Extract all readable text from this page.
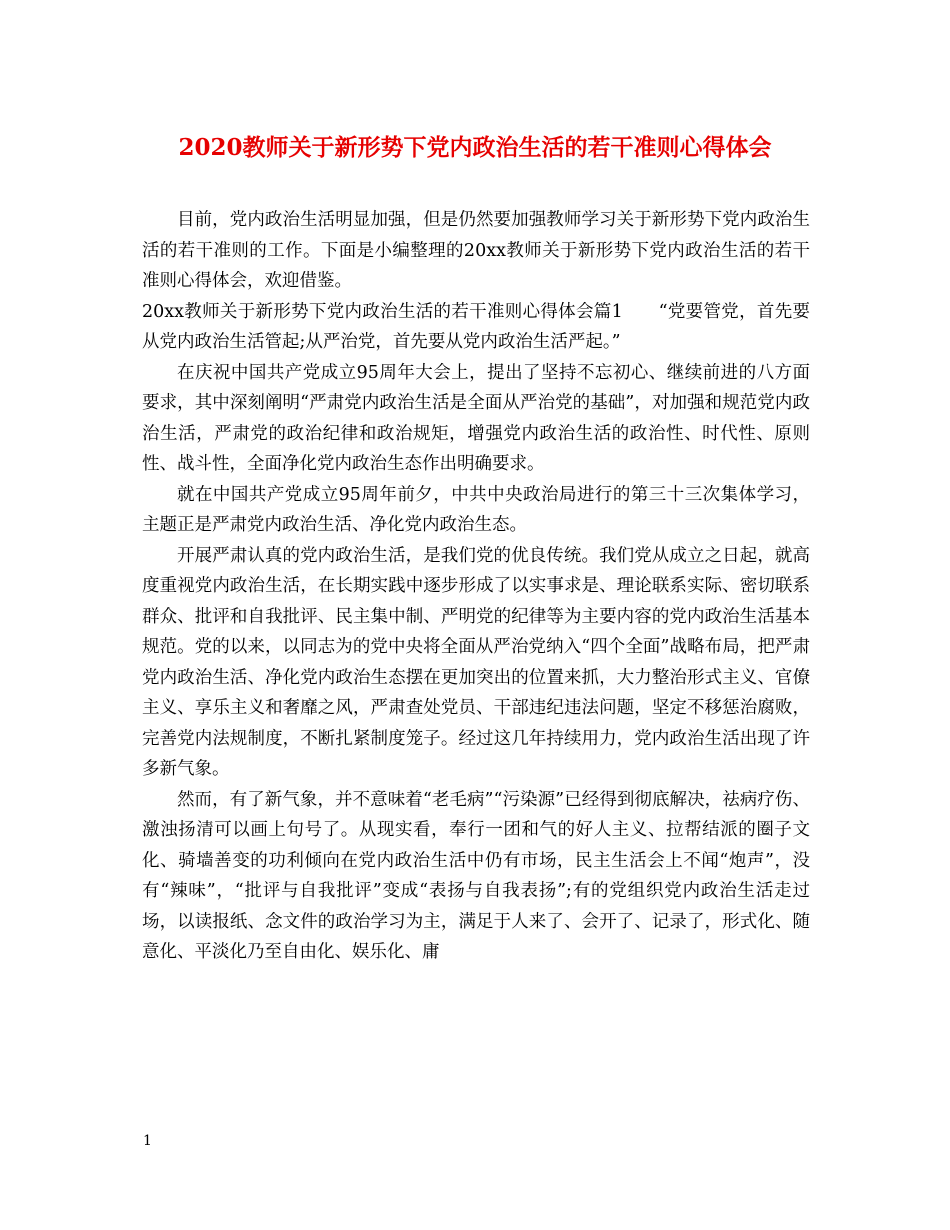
2020教师关于新形势下党内政治生活的若干准则心得体会

目前，党内政治生活明显加强，但是仍然要加强教师学习关于新形势下党内政治生活的若干准则的工作。下面是小编整理的20xx教师关于新形势下党内政治生活的若干准则心得体会，欢迎借鉴。

20xx教师关于新形势下党内政治生活的若干准则心得体会篇1　　“党要管党，首先要从党内政治生活管起;从严治党，首先要从党内政治生活严起。”

在庆祝中国共产党成立95周年大会上，提出了坚持不忘初心、继续前进的八方面要求，其中深刻阐明“严肃党内政治生活是全面从严治党的基础”，对加强和规范党内政治生活，严肃党的政治纪律和政治规矩，增强党内政治生活的政治性、时代性、原则性、战斗性，全面净化党内政治生态作出明确要求。

就在中国共产党成立95周年前夕，中共中央政治局进行的第三十三次集体学习，主题正是严肃党内政治生活、净化党内政治生态。

开展严肃认真的党内政治生活，是我们党的优良传统。我们党从成立之日起，就高度重视党内政治生活，在长期实践中逐步形成了以实事求是、理论联系实际、密切联系群众、批评和自我批评、民主集中制、严明党的纪律等为主要内容的党内政治生活基本规范。党的以来，以同志为的党中央将全面从严治党纳入“四个全面”战略布局，把严肃党内政治生活、净化党内政治生态摆在更加突出的位置来抓，大力整治形式主义、官僚主义、享乐主义和奢靡之风，严肃查处党员、干部违纪违法问题，坚定不移惩治腐败，完善党内法规制度，不断扎紧制度笼子。经过这几年持续用力，党内政治生活出现了许多新气象。

然而，有了新气象，并不意味着“老毛病”“污染源”已经得到彻底解决，祛病疗伤、激浊扬清可以画上句号了。从现实看，奉行一团和气的好人主义、拉帮结派的圈子文化、骑墙善变的功利倾向在党内政治生活中仍有市场，民主生活会上不闻“炮声”，没有“辣味”，“批评与自我批评”变成“表扬与自我表扬”;有的党组织党内政治生活走过场，以读报纸、念文件的政治学习为主，满足于人来了、会开了、记录了，形式化、随意化、平淡化乃至自由化、娱乐化、庸

1
